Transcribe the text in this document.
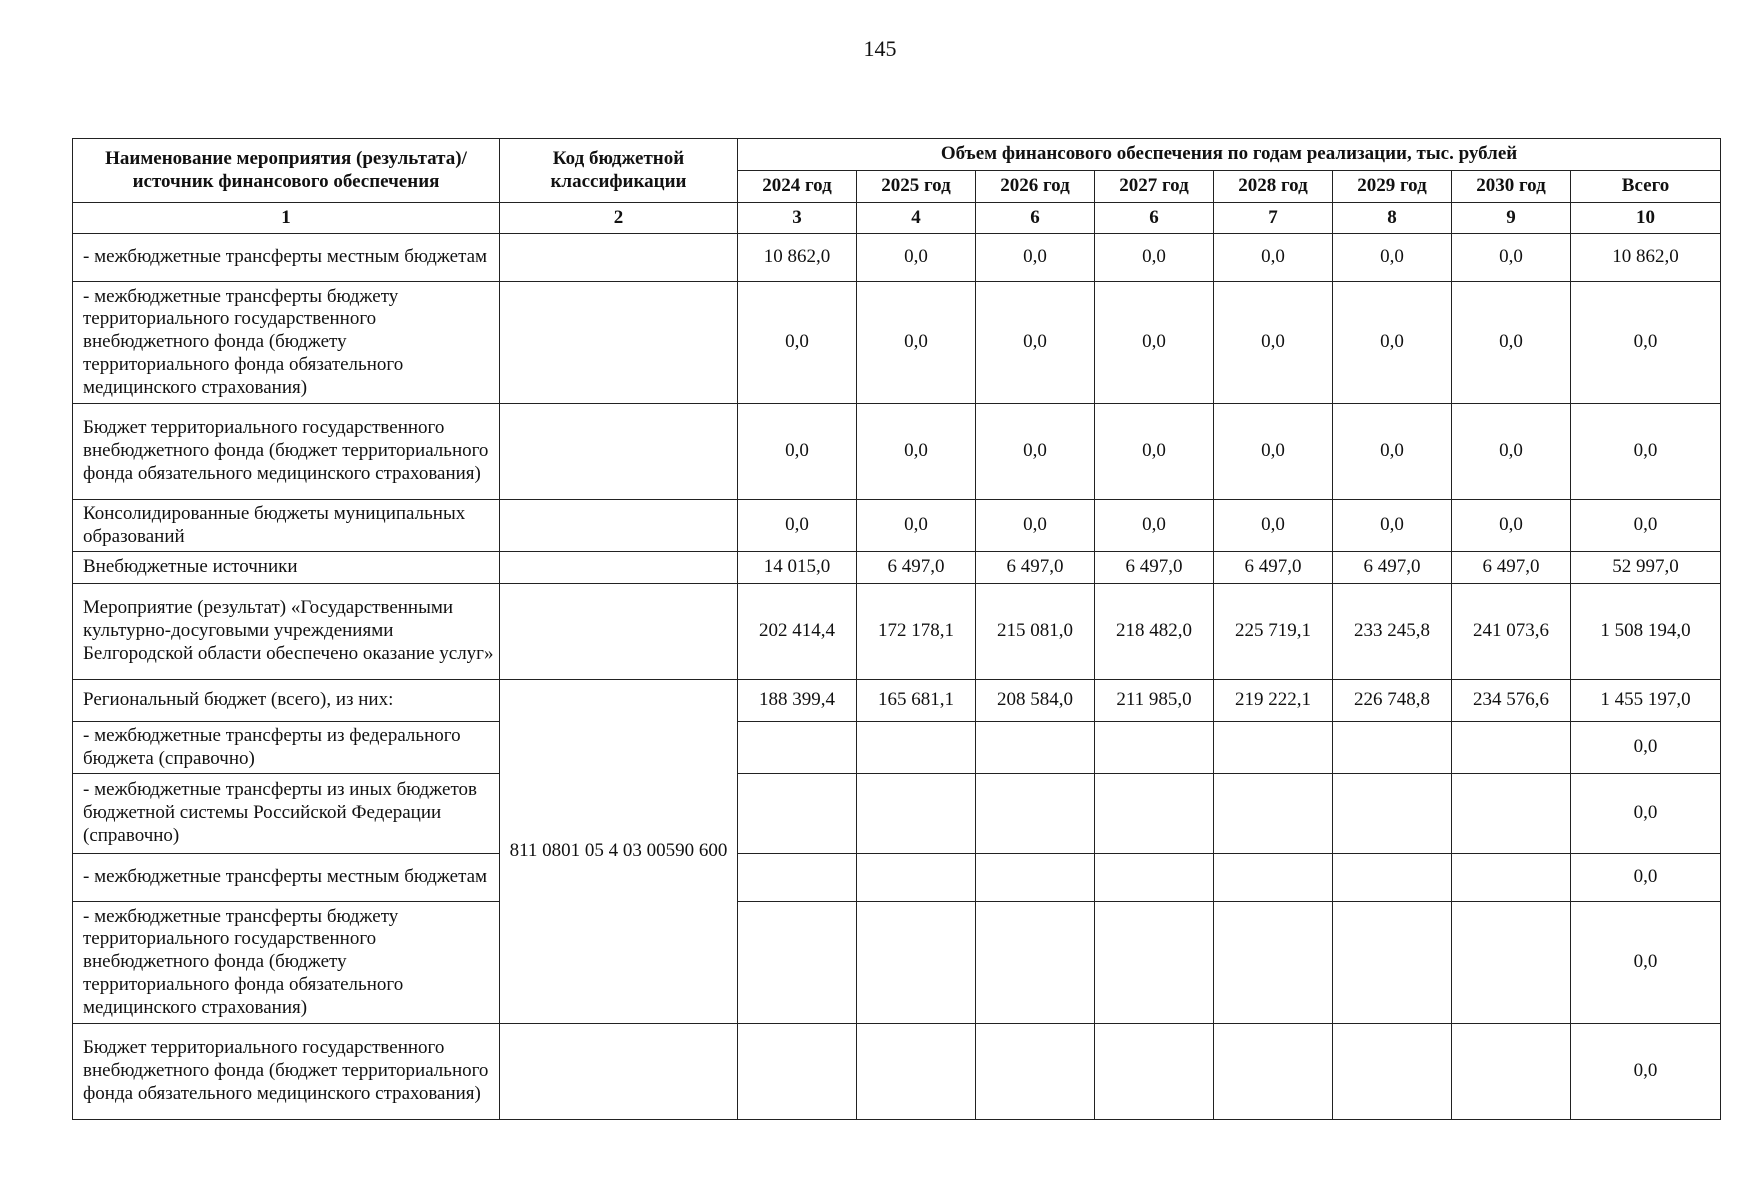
145
Наименование мероприятия (результата)/ источник финансового обеспечения	Код бюджетной классификации	Объем финансового обеспечения по годам реализации, тыс. рублей							
		2024 год	2025 год	2026 год	2027 год	2028 год	2029 год	2030 год	Всего
1	2	3	4	6	6	7	8	9	10
- межбюджетные трансферты местным бюджетам		10 862,0	0,0	0,0	0,0	0,0	0,0	0,0	10 862,0
- межбюджетные трансферты бюджету территориального государственного внебюджетного фонда (бюджету территориального фонда обязательного медицинского страхования)		0,0	0,0	0,0	0,0	0,0	0,0	0,0	0,0
Бюджет территориального государственного внебюджетного фонда (бюджет территориального фонда обязательного медицинского страхования)		0,0	0,0	0,0	0,0	0,0	0,0	0,0	0,0
Консолидированные бюджеты муниципальных образований		0,0	0,0	0,0	0,0	0,0	0,0	0,0	0,0
Внебюджетные источники		14 015,0	6 497,0	6 497,0	6 497,0	6 497,0	6 497,0	6 497,0	52 997,0
Мероприятие (результат) «Государственными культурно-досуговыми учреждениями Белгородской области обеспечено оказание услуг»		202 414,4	172 178,1	215 081,0	218 482,0	225 719,1	233 245,8	241 073,6	1 508 194,0
Региональный бюджет (всего), из них:	811 0801 05 4 03 00590 600	188 399,4	165 681,1	208 584,0	211 985,0	219 222,1	226 748,8	234 576,6	1 455 197,0
- межбюджетные трансферты из федерального бюджета (справочно)									0,0
- межбюджетные трансферты из иных бюджетов бюджетной системы Российской Федерации (справочно)									0,0
- межбюджетные трансферты местным бюджетам									0,0
- межбюджетные трансферты бюджету территориального государственного внебюджетного фонда (бюджету территориального фонда обязательного медицинского страхования)									0,0
Бюджет территориального государственного внебюджетного фонда (бюджет территориального фонда обязательного медицинского страхования)									0,0
